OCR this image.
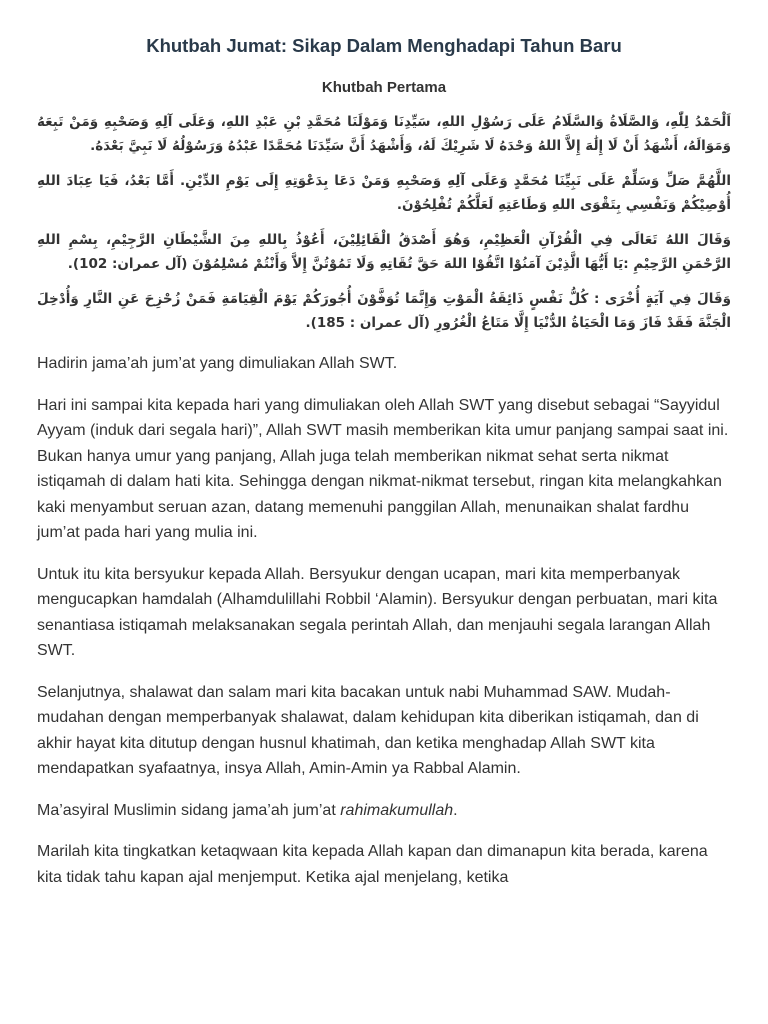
Khutbah Jumat: Sikap Dalam Menghadapi Tahun Baru
Khutbah Pertama

اَلْحَمْدُ لِلّٰهِ، وَالصَّلَاةُ وَالسَّلَامُ عَلَى رَسُوْلِ اللهِ، سَيِّدِنَا وَمَوْلَنَا مُحَمَّدِ بْنِ عَبْدِ اللهِ، وَعَلَى آلِهِ وَصَحْبِهِ وَمَنْ تَبِعَهُ وَمَوَالَهُ، أَشْهَدُ أَنْ لَا إِلَٰهَ إِلاَّ اللهُ وَحْدَهُ لَا شَرِيْكَ لَهُ، وَأَشْهَدُ أَنَّ سَيِّدَنَا مُحَمَّدًا عَبْدُهُ وَرَسُوْلُهُ لَا نَبِيَّ بَعْدَهُ.

اللَّهُمَّ صَلِّ وَسَلِّمْ عَلَى نَبِيِّنَا مُحَمَّدٍ وَعَلَى آلِهِ وَصَحْبِهِ وَمَنْ دَعَا بِدَعْوَتِهِ إِلَى يَوْمِ الدِّيْنِ. أَمَّا بَعْدُ، فَيَا عِبَادَ اللهِ أُوْصِيْكُمْ وَنَفْسِي بِتَقْوَى اللهِ وَطَاعَتِهِ لَعَلَّكُمْ تُفْلِحُوْنَ.

وَقَالَ اللهُ تَعَالَى فِي الْقُرْآنِ الْعَظِيْمِ، وَهُوَ أَصْدَقُ الْقَائِلِيْنَ، أَعُوْذُ بِاللهِ مِنَ الشَّيْطَانِ الرَّجِيْمِ، بِسْمِ اللهِ الرَّحْمَنِ الرَّحِيْمِ :يَا أَيُّهَا الَّذِيْنَ آمَنُوْا اتَّقُوْا اللهَ حَقَّ تُقَاتِهِ وَلَا تَمُوْتُنَّ إِلاَّ وَأَنْتُمْ مُسْلِمُوْنَ (آل عمران: 102).

وَقَالَ فِي آيَةٍ أُخْرَى : كُلُّ نَفْسٍ ذَائِقَةُ الْمَوْتِ وَإِنَّمَا تُوَفَّوْنَ أُجُورَكُمْ يَوْمَ الْقِيَامَةِ فَمَنْ زُحْزِحَ عَنِ النَّارِ وَأُدْخِلَ الْجَنَّةَ فَقَدْ فَازَ وَمَا الْحَيَاةُ الدُّنْيَا إِلَّا مَتَاعُ الْغُرُورِ (آل عمران : 185).

Hadirin jama’ah jum’at yang dimuliakan Allah SWT.

Hari ini sampai kita kepada hari yang dimuliakan oleh Allah SWT yang disebut sebagai “Sayyidul Ayyam (induk dari segala hari)”, Allah SWT masih memberikan kita umur panjang sampai saat ini. Bukan hanya umur yang panjang, Allah juga telah memberikan nikmat sehat serta nikmat istiqamah di dalam hati kita. Sehingga dengan nikmat-nikmat tersebut, ringan kita melangkahkan kaki menyambut seruan azan, datang memenuhi panggilan Allah, menunaikan shalat fardhu jum’at pada hari yang mulia ini.

Untuk itu kita bersyukur kepada Allah. Bersyukur dengan ucapan, mari kita memperbanyak mengucapkan hamdalah (Alhamdulillahi Robbil ‘Alamin). Bersyukur dengan perbuatan, mari kita senantiasa istiqamah melaksanakan segala perintah Allah, dan menjauhi segala larangan Allah SWT.

Selanjutnya, shalawat dan salam mari kita bacakan untuk nabi Muhammad SAW. Mudah-mudahan dengan memperbanyak shalawat, dalam kehidupan kita diberikan istiqamah, dan di akhir hayat kita ditutup dengan husnul khatimah, dan ketika menghadap Allah SWT kita mendapatkan syafaatnya, insya Allah, Amin-Amin ya Rabbal Alamin.

Ma’asyiral Muslimin sidang jama’ah jum’at rahimakumullah.

Marilah kita tingkatkan ketaqwaan kita kepada Allah kapan dan dimanapun kita berada, karena kita tidak tahu kapan ajal menjemput. Ketika ajal menjelang, ketika
